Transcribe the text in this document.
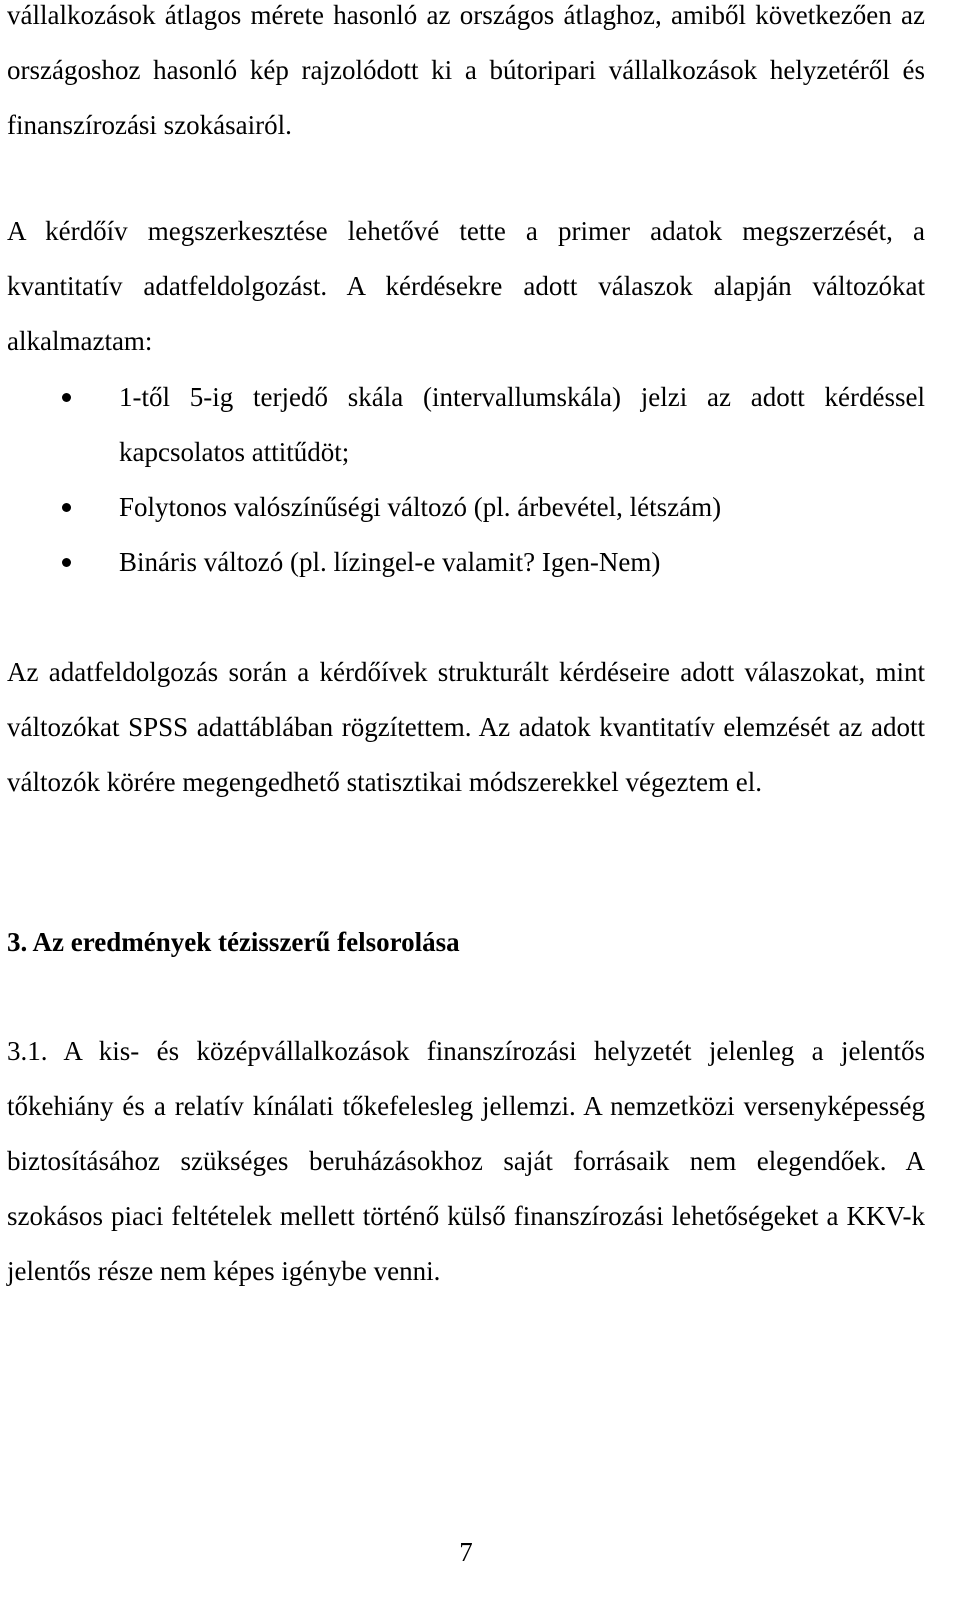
vállalkozások átlagos mérete hasonló az országos átlaghoz, amiből következően az országoshoz hasonló kép rajzolódott ki a bútoripari vállalkozások helyzetéről és finanszírozási szokásairól.

A kérdőív megszerkesztése lehetővé tette a primer adatok megszerzését, a kvantitatív adatfeldolgozást. A kérdésekre adott válaszok alapján változókat alkalmaztam:

1-től 5-ig terjedő skála (intervallumskála) jelzi az adott kérdéssel kapcsolatos attitűdöt;
Folytonos valószínűségi változó (pl. árbevétel, létszám)
Bináris változó (pl. lízingel-e valamit? Igen-Nem)

Az adatfeldolgozás során a kérdőívek strukturált kérdéseire adott válaszokat, mint változókat SPSS adattáblában rögzítettem. Az adatok kvantitatív elemzését az adott változók körére megengedhető statisztikai módszerekkel végeztem el.

3. Az eredmények tézisszerű felsorolása

3.1. A kis- és középvállalkozások finanszírozási helyzetét jelenleg a jelentős tőkehiány és a relatív kínálati tőkefelesleg jellemzi. A nemzetközi versenyképesség biztosításához szükséges beruházásokhoz saját forrásaik nem elegendőek. A szokásos piaci feltételek mellett történő külső finanszírozási lehetőségeket a KKV-k jelentős része nem képes igénybe venni.

7
